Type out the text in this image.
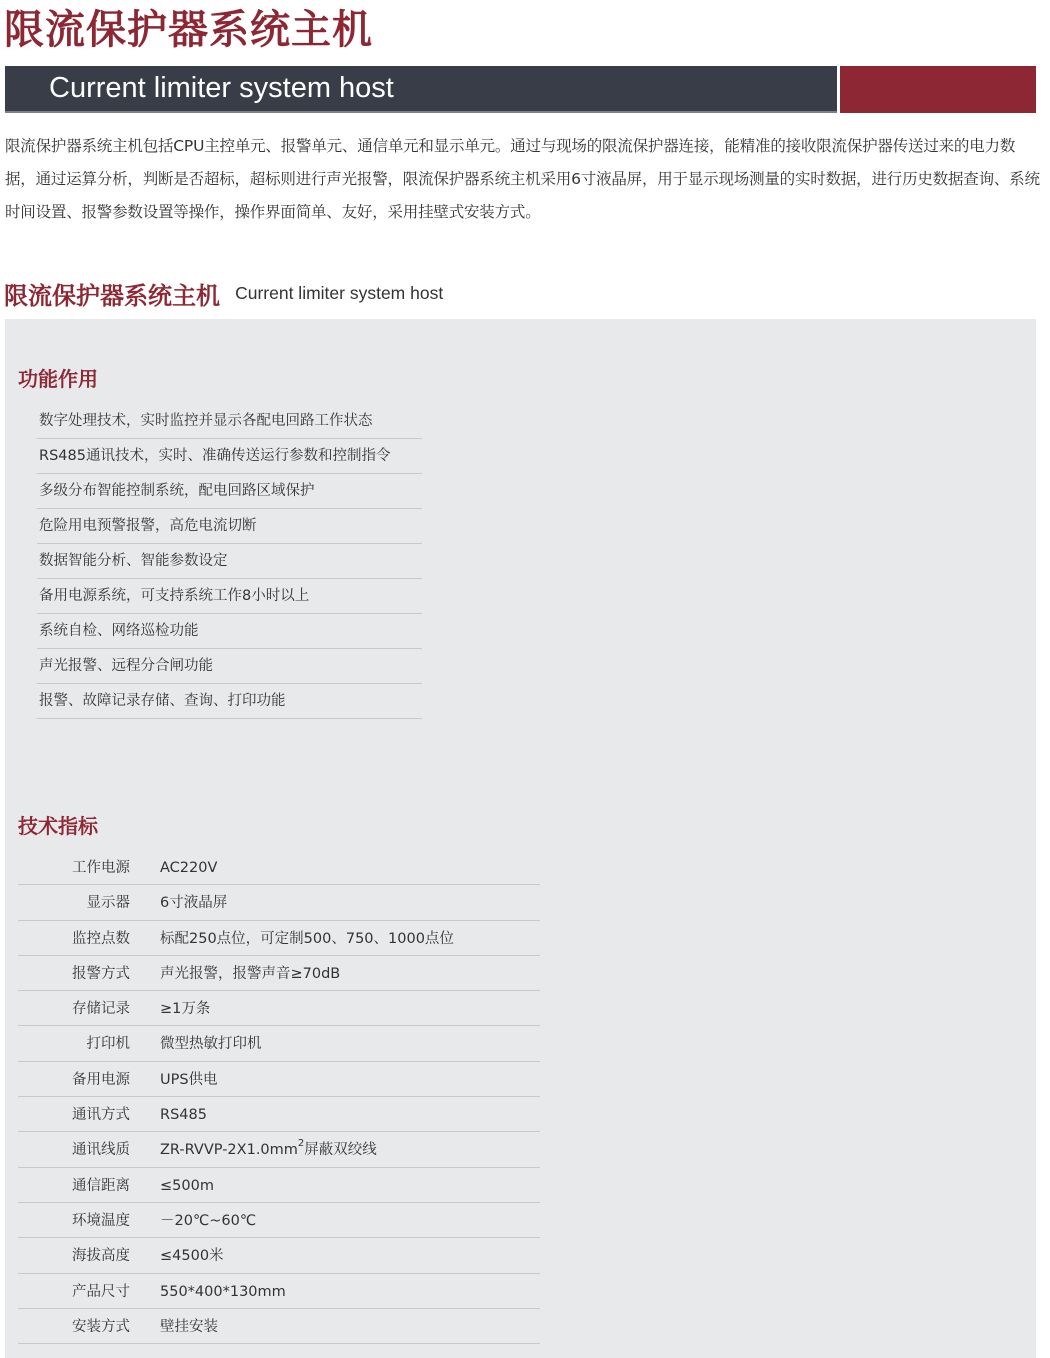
限流保护器系统主机
Current limiter system host

限流保护器系统主机包括CPU主控单元、报警单元、通信单元和显示单元。通过与现场的限流保护器连接，能精准的接收限流保护器传送过来的电力数据，通过运算分析，判断是否超标，超标则进行声光报警，限流保护器系统主机采用6寸液晶屏，用于显示现场测量的实时数据，进行历史数据查询、系统时间设置、报警参数设置等操作，操作界面简单、友好，采用挂壁式安装方式。

限流保护器系统主机 Current limiter system host
功能作用
数字处理技术，实时监控并显示各配电回路工作状态
RS485通讯技术，实时、准确传送运行参数和控制指令
多级分布智能控制系统，配电回路区域保护
危险用电预警报警，高危电流切断
数据智能分析、智能参数设定
备用电源系统，可支持系统工作8小时以上
系统自检、网络巡检功能
声光报警、远程分合闸功能
报警、故障记录存储、查询、打印功能
技术指标
工作电源 AC220V
显示器 6寸液晶屏
监控点数 标配250点位，可定制500、750、1000点位
报警方式 声光报警，报警声音≥70dB
存储记录 ≥1万条
打印机 微型热敏打印机
备用电源 UPS供电
通讯方式 RS485
通讯线质 $ZR-RVVP-2X1.0mm^2$屏蔽双绞线
通信距离 ≤500m
环境温度 －20℃~60℃
海拔高度 ≤4500米
产品尺寸 550*400*130mm
安装方式 壁挂安装
